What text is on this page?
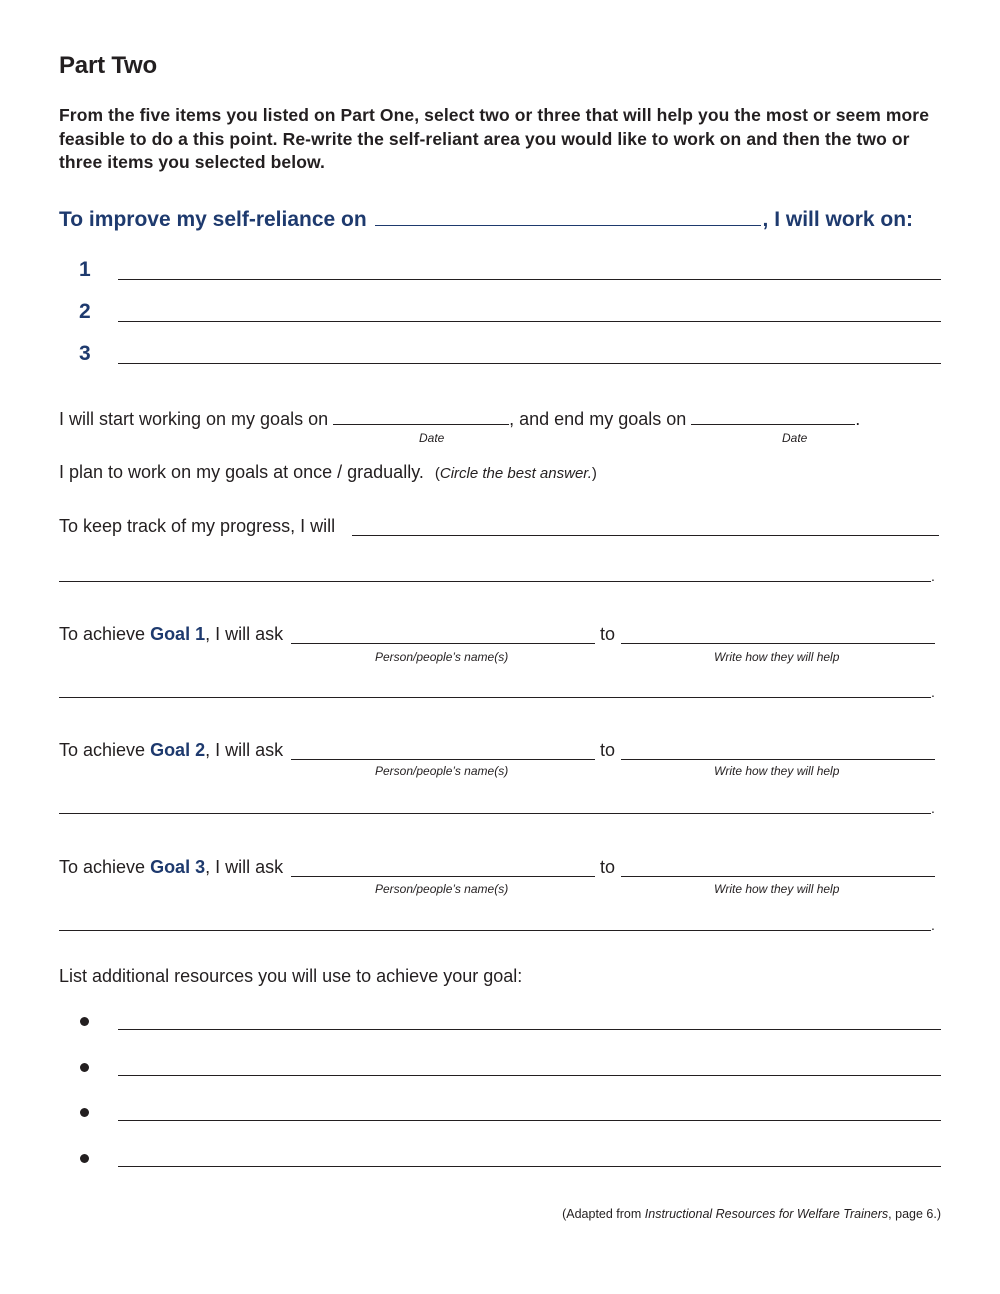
Part Two
From the five items you listed on Part One, select two or three that will help you the most or seem more feasible to do a this point. Re-write the self-reliant area you would like to work on and then the two or three items you selected below.
To improve my self-reliance on	, I will work on:
1
2
3
I will start working on my goals on	, and end my goals on	.
Date	Date
I plan to work on my goals at once / gradually. (Circle the best answer.)
To keep track of my progress, I will
.
To achieve Goal 1, I will ask	to
Person/people’s name(s)	Write how they will help
.
To achieve Goal 2, I will ask	to
Person/people’s name(s)	Write how they will help
.
To achieve Goal 3, I will ask	to
Person/people’s name(s)	Write how they will help
.
List additional resources you will use to achieve your goal:
(Adapted from Instructional Resources for Welfare Trainers, page 6.)
